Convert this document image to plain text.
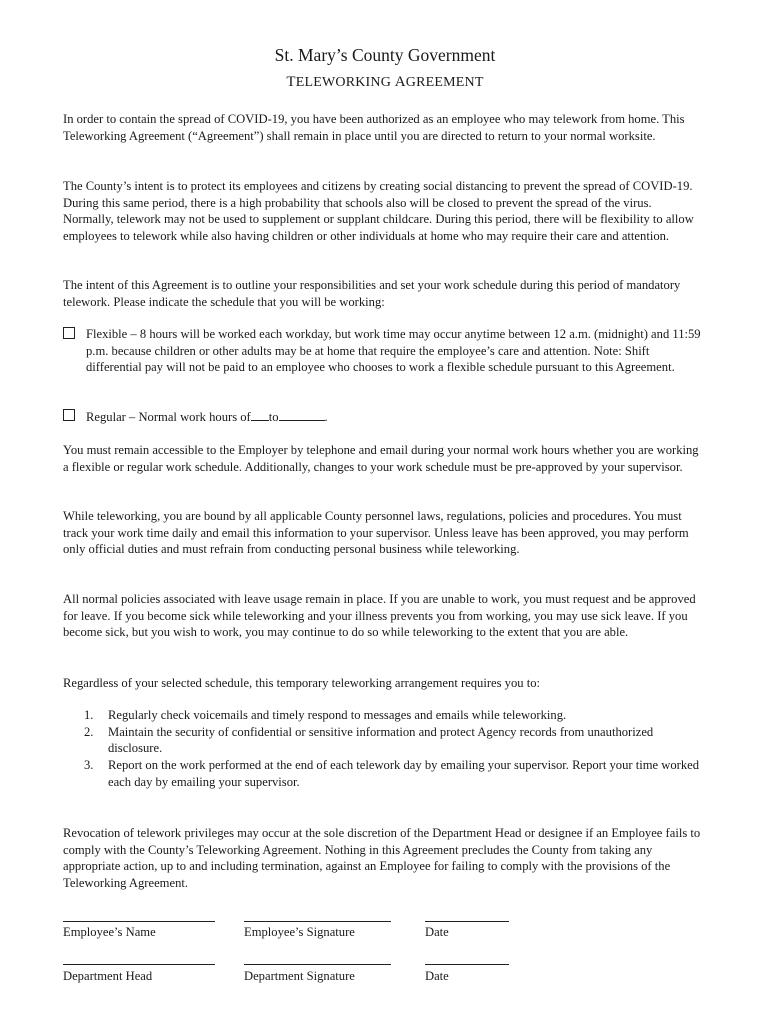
St. Mary’s County Government
TELEWORKING AGREEMENT

In order to contain the spread of COVID-19, you have been authorized as an employee who may telework from home. This Teleworking Agreement (“Agreement”) shall remain in place until you are directed to return to your normal worksite.

The County’s intent is to protect its employees and citizens by creating social distancing to prevent the spread of COVID-19. During this same period, there is a high probability that schools also will be closed to prevent the spread of the virus. Normally, telework may not be used to supplement or supplant childcare. During this period, there will be flexibility to allow employees to telework while also having children or other individuals at home who may require their care and attention.

The intent of this Agreement is to outline your responsibilities and set your work schedule during this period of mandatory telework. Please indicate the schedule that you will be working:

Flexible – 8 hours will be worked each workday, but work time may occur anytime between 12 a.m. (midnight) and 11:59 p.m. because children or other adults may be at home that require the employee’s care and attention. Note: Shift differential pay will not be paid to an employee who chooses to work a flexible schedule pursuant to this Agreement.
Regular – Normal work hours of to	.

You must remain accessible to the Employer by telephone and email during your normal work hours whether you are working a flexible or regular work schedule. Additionally, changes to your work schedule must be pre-approved by your supervisor.

While teleworking, you are bound by all applicable County personnel laws, regulations, policies and procedures. You must track your work time daily and email this information to your supervisor. Unless leave has been approved, you may perform only official duties and must refrain from conducting personal business while teleworking.

All normal policies associated with leave usage remain in place. If you are unable to work, you must request and be approved for leave. If you become sick while teleworking and your illness prevents you from working, you may use sick leave. If you become sick, but you wish to work, you may continue to do so while teleworking to the extent that you are able.

Regardless of your selected schedule, this temporary teleworking arrangement requires you to:

1. Regularly check voicemails and timely respond to messages and emails while teleworking.
2. Maintain the security of confidential or sensitive information and protect Agency records from unauthorized disclosure.
3. Report on the work performed at the end of each telework day by emailing your supervisor. Report your time worked each day by emailing your supervisor.

Revocation of telework privileges may occur at the sole discretion of the Department Head or designee if an Employee fails to comply with the County’s Teleworking Agreement. Nothing in this Agreement precludes the County from taking any appropriate action, up to and including termination, against an Employee for failing to comply with the provisions of the Teleworking Agreement.

Employee’s Name	Employee’s Signature	Date
Department Head	Department Signature	Date
